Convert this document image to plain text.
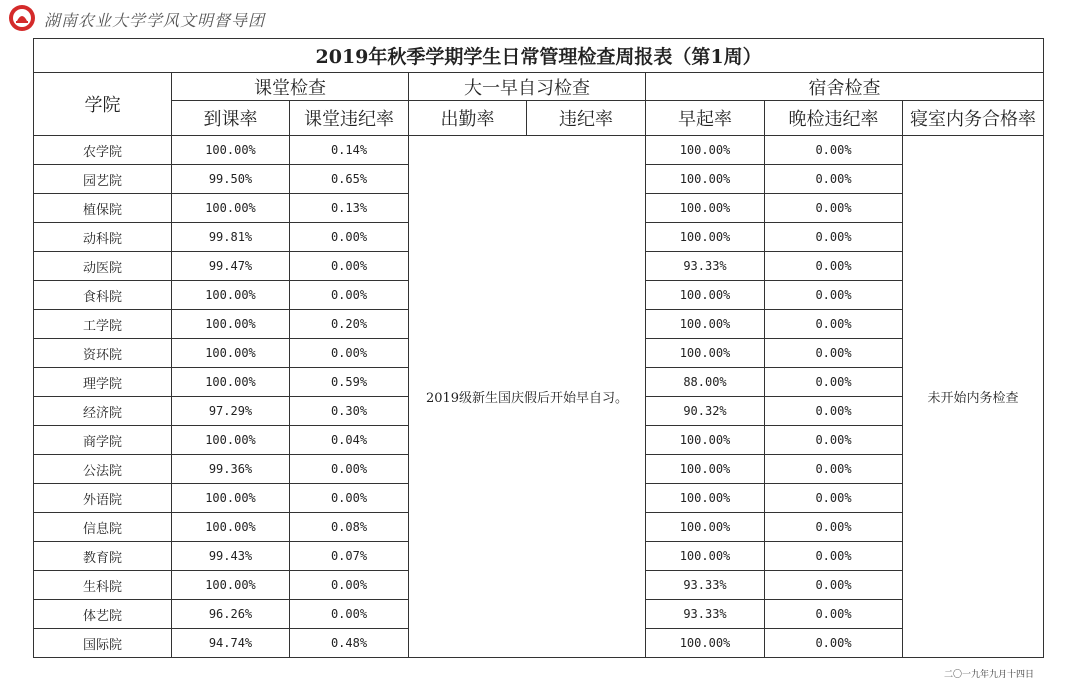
湖南农业大学学风文明督导团
2019年秋季学期学生日常管理检查周报表（第1周）							
学院	课堂检查		大一早自习检查		宿舍检查		
	到课率	课堂违纪率	出勤率	违纪率	早起率	晚检违纪率	寝室内务合格率
农学院	100.00%	0.14%	2019级新生国庆假后开始早自习。		100.00%	0.00%	未开始内务检查
园艺院	99.50%	0.65%			100.00%	0.00%	
植保院	100.00%	0.13%			100.00%	0.00%	
动科院	99.81%	0.00%			100.00%	0.00%	
动医院	99.47%	0.00%			93.33%	0.00%	
食科院	100.00%	0.00%			100.00%	0.00%	
工学院	100.00%	0.20%			100.00%	0.00%	
资环院	100.00%	0.00%			100.00%	0.00%	
理学院	100.00%	0.59%			88.00%	0.00%	
经济院	97.29%	0.30%			90.32%	0.00%	
商学院	100.00%	0.04%			100.00%	0.00%	
公法院	99.36%	0.00%			100.00%	0.00%	
外语院	100.00%	0.00%			100.00%	0.00%	
信息院	100.00%	0.08%			100.00%	0.00%	
教育院	99.43%	0.07%			100.00%	0.00%	
生科院	100.00%	0.00%			93.33%	0.00%	
体艺院	96.26%	0.00%			93.33%	0.00%	
国际院	94.74%	0.48%			100.00%	0.00%	
二〇一九年九月十四日
